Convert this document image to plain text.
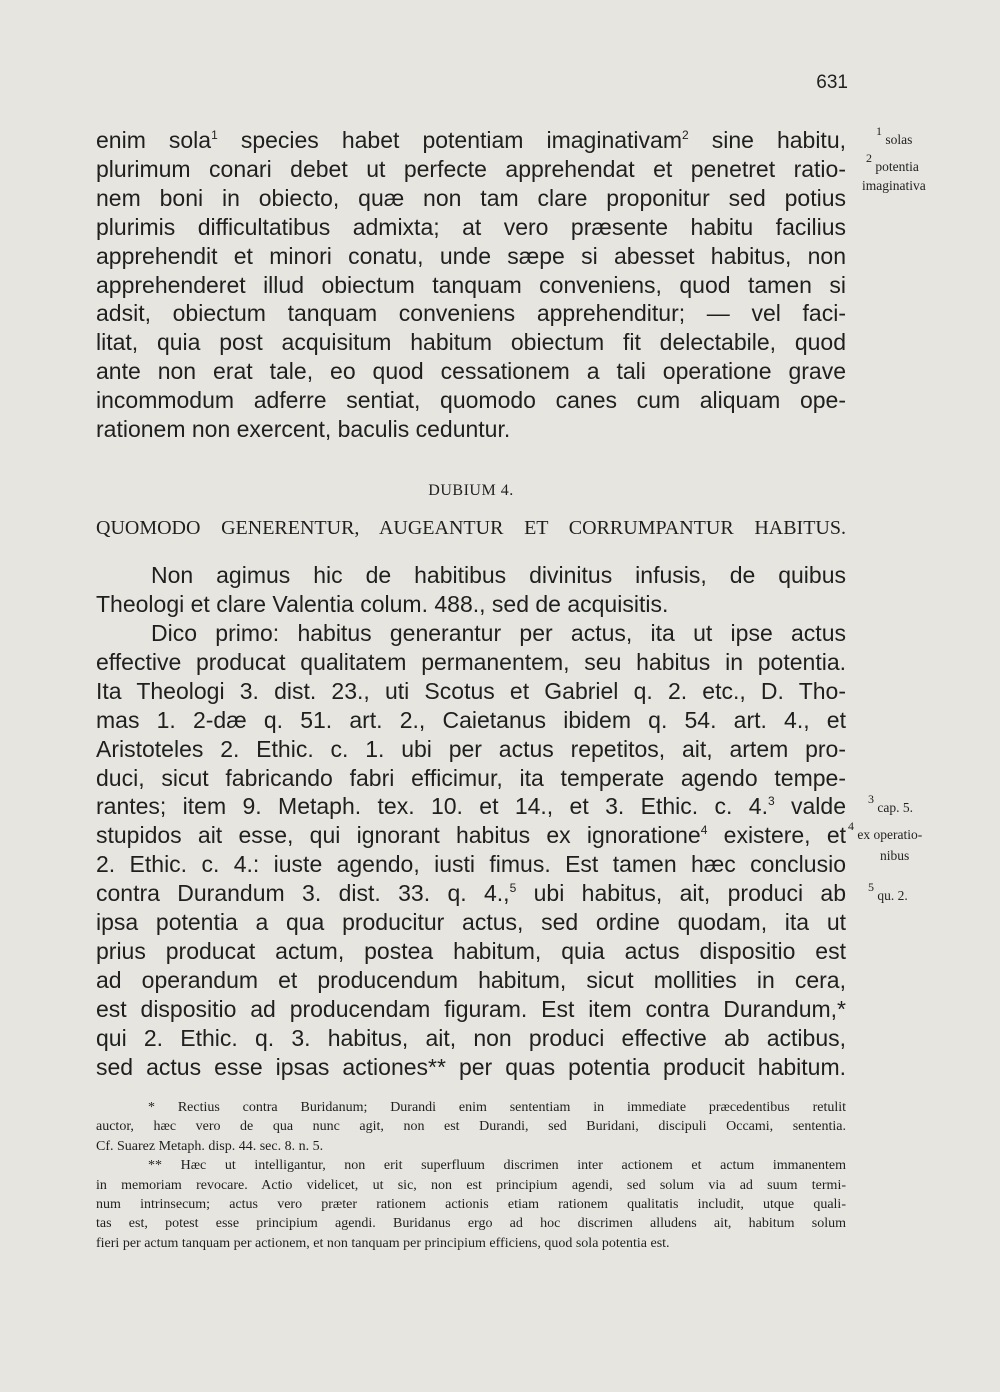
631
enim sola$^1$ species habet potentiam imaginativam$^2$ sine habitu,
plurimum conari debet ut perfecte apprehendat et penetret ratio-
nem boni in obiecto, quæ non tam clare proponitur sed potius
plurimis difficultatibus admixta; at vero præsente habitu facilius
apprehendit et minori conatu, unde sæpe si abesset habitus, non
apprehenderet illud obiectum tanquam conveniens, quod tamen si
adsit, obiectum tanquam conveniens apprehenditur; — vel faci-
litat, quia post acquisitum habitum obiectum fit delectabile, quod
ante non erat tale, eo quod cessationem a tali operatione grave
incommodum adferre sentiat, quomodo canes cum aliquam ope-
rationem non exercent, baculis ceduntur.
DUBIUM 4.
QUOMODO GENERENTUR, AUGEANTUR ET CORRUMPANTUR HABITUS.
Non agimus hic de habitibus divinitus infusis, de quibus
Theologi et clare Valentia colum. 488., sed de acquisitis.
Dico primo: habitus generantur per actus, ita ut ipse actus
effective producat qualitatem permanentem, seu habitus in potentia.
Ita Theologi 3. dist. 23., uti Scotus et Gabriel q. 2. etc., D. Tho-
mas 1. 2-dæ q. 51. art. 2., Caietanus ibidem q. 54. art. 4., et
Aristoteles 2. Ethic. c. 1. ubi per actus repetitos, ait, artem pro-
duci, sicut fabricando fabri efficimur, ita temperate agendo tempe-
rantes; item 9. Metaph. tex. 10. et 14., et 3. Ethic. c. 4.$^3$ valde
stupidos ait esse, qui ignorant habitus ex ignoratione$^4$ existere, et
2. Ethic. c. 4.: iuste agendo, iusti fimus. Est tamen hæc conclusio
contra Durandum 3. dist. 33. q. 4.,$^5$ ubi habitus, ait, produci ab
ipsa potentia a qua producitur actus, sed ordine quodam, ita ut
prius producat actum, postea habitum, quia actus dispositio est
ad operandum et producendum habitum, sicut mollities in cera,
est dispositio ad producendam figuram. Est item contra Durandum,*
qui 2. Ethic. q. 3. habitus, ait, non produci effective ab actibus,
sed actus esse ipsas actiones** per quas potentia producit habitum.
$^1$ solas
$^2$ potentia
imaginativa
$^3$ cap. 5.
$^4$ ex operatio-
nibus
$^5$ qu. 2.
* Rectius contra Buridanum; Durandi enim sententiam in immediate præcedentibus retulit
auctor, hæc vero de qua nunc agit, non est Durandi, sed Buridani, discipuli Occami, sententia.
Cf. Suarez Metaph. disp. 44. sec. 8. n. 5.
** Hæc ut intelligantur, non erit superfluum discrimen inter actionem et actum immanentem
in memoriam revocare. Actio videlicet, ut sic, non est principium agendi, sed solum via ad suum termi-
num intrinsecum; actus vero præter rationem actionis etiam rationem qualitatis includit, utque quali-
tas est, potest esse principium agendi. Buridanus ergo ad hoc discrimen alludens ait, habitum solum
fieri per actum tanquam per actionem, et non tanquam per principium efficiens, quod sola potentia est.
